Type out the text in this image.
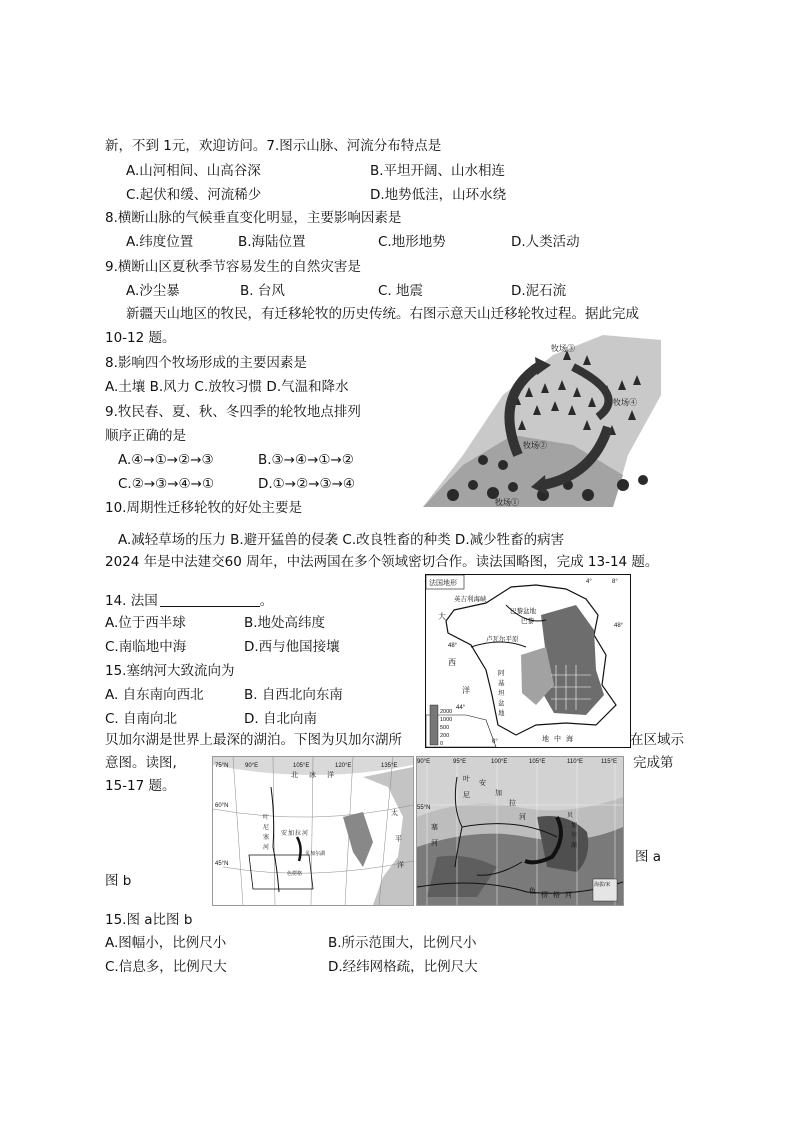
新，不到 1元，欢迎访问。7.图示山脉、河流分布特点是
A.山河相间、山高谷深	B.平坦开阔、山水相连
C.起伏和缓、河流稀少	D.地势低洼，山环水绕
8.横断山脉的气候垂直变化明显，主要影响因素是
A.纬度位置	B.海陆位置	C.地形地势	D.人类活动
9.横断山区夏秋季节容易发生的自然灾害是
A.沙尘暴	B. 台风	C. 地震	D.泥石流
新疆天山地区的牧民，有迁移轮牧的历史传统。右图示意天山迁移轮牧过程。据此完成
10-12 题。
8.影响四个牧场形成的主要因素是
A.土壤 B.风力 C.放牧习惯 D.气温和降水
9.牧民春、夏、秋、冬四季的轮牧地点排列
顺序正确的是
A.④→①→②→③	B.③→④→①→②
C.②→③→④→①	D.①→②→③→④
10.周期性迁移轮牧的好处主要是
A.减轻草场的压力 B.避开猛兽的侵袭 C.改良牲畜的种类 D.减少牲畜的病害
2024 年是中法建交60 周年，中法两国在多个领域密切合作。读法国略图，完成 13-14 题。
14. 法国	。
A.位于西半球	B.地处高纬度
C.南临地中海	D.西与他国接壤
15.塞纳河大致流向为
A. 自东南向西北	B. 自西北向东南
C. 自南向北	D. 自北向南
贝加尔湖是世界上最深的湖泊。下图为贝加尔湖所	在区域示
意图。读图,	完成第
15-17 题。
图 a
图 b
15.图 a比图 b
A.图幅小，比例尺小	B.所示范围大，比例尺小
C.信息多，比例尺大	D.经纬网格疏，比例尺大
牧场③
牧场④
牧场②
牧场①
法国地形
2000
1000
500
200
0
大
西
洋
英吉利海峡
巴黎盆地
巴黎
卢瓦尔平原
阿
基
坦
盆
地
地 中 海
48°
48°
44°
0°
4°	8°
75°N	90°E	105°E	120°E	135°E
60°N
45°N
北 冰 洋
叶
尼
塞
河
安 加 拉 河
太
平
洋
贝加尔湖
色楞格
海拔/米
90°E	95°E	100°E	105°E	110°E	115°E
55°N
叶
尼
塞
河
安
加
拉
河	贝
加
尔
湖
色
楞 格 河
